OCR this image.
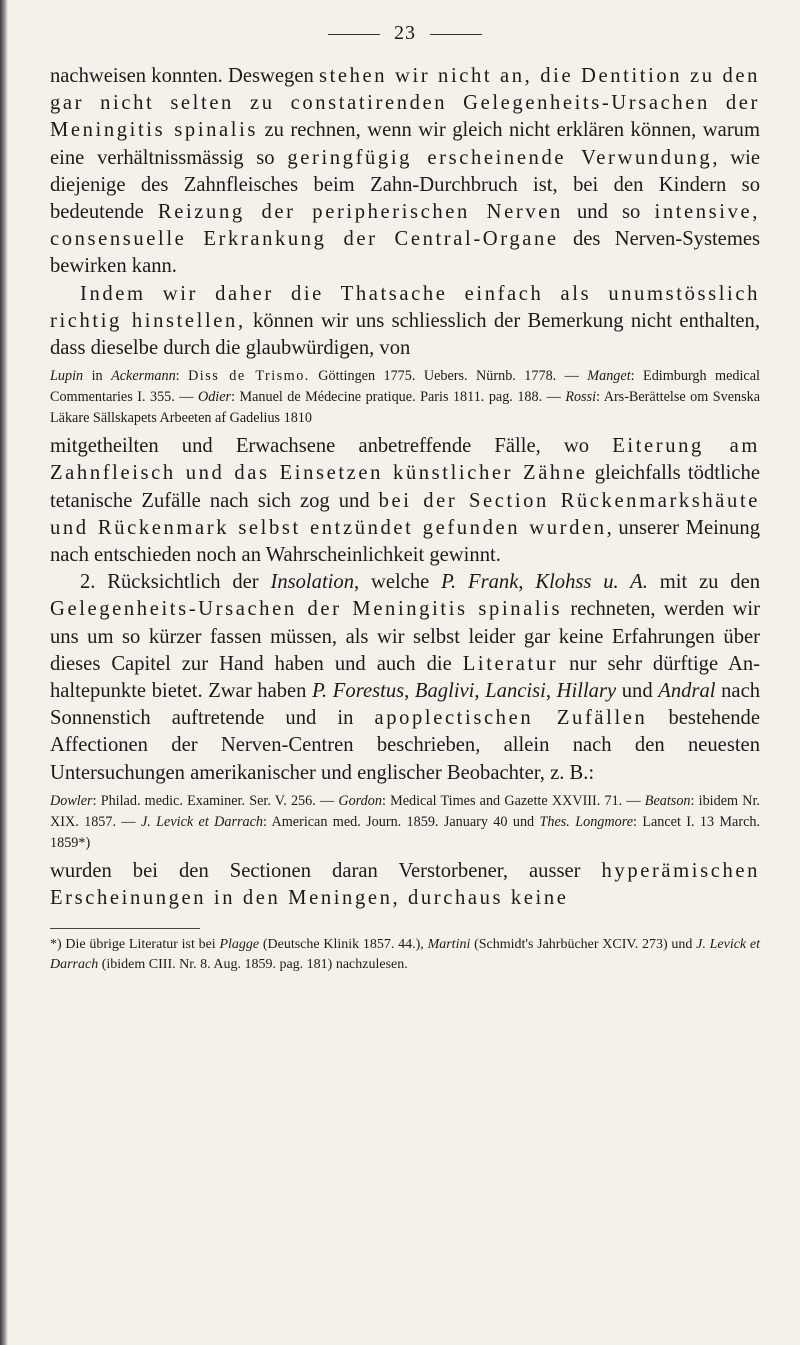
23

nachweisen konnten. Deswegen stehen wir nicht an, die Dentition zu den gar nicht selten zu constatirenden Gelegenheits-Ursachen der Meningitis spinalis zu rechnen, wenn wir gleich nicht erklären können, warum eine verhältnissmässig so geringfügig erscheinende Verwundung, wie diejenige des Zahnfleisches beim Zahn-Durchbruch ist, bei den Kindern so bedeutende Reizung der peripherischen Nerven und so intensive, consensuelle Erkrankung der Central-Organe des Nerven-Systemes bewirken kann.

Indem wir daher die Thatsache einfach als unumstösslich richtig hinstellen, können wir uns schliesslich der Bemerkung nicht enthalten, dass dieselbe durch die glaubwürdigen, von

Lupin in Ackermann: Diss de Trismo. Göttingen 1775. Uebers. Nürnb. 1778. — Manget: Edimburgh medical Commentaries I. 355. — Odier: Manuel de Médecine pratique. Paris 1811. pag. 188. — Rossi: Ars-Berättelse om Svenska Läkare Sällskapets Arbeeten af Gadelius 1810

mitgetheilten und Erwachsene anbetreffende Fälle, wo Eiterung am Zahnfleisch und das Einsetzen künstlicher Zähne gleichfalls tödtliche tetanische Zufälle nach sich zog und bei der Section Rückenmarkshäute und Rückenmark selbst entzündet gefunden wurden, unserer Meinung nach entschieden noch an Wahrscheinlichkeit gewinnt.

2. Rücksichtlich der Insolation, welche P. Frank, Klohss u. A. mit zu den Gelegenheits-Ursachen der Meningitis spinalis rechneten, werden wir uns um so kürzer fassen müssen, als wir selbst leider gar keine Erfahrungen über dieses Capitel zur Hand haben und auch die Literatur nur sehr dürftige Anhaltepunkte bietet. Zwar haben P. Forestus, Baglivi, Lancisi, Hillary und Andral nach Sonnenstich auftretende und in apoplectischen Zufällen bestehende Affectionen der Nerven-Centren beschrieben, allein nach den neuesten Untersuchungen amerikanischer und englischer Beobachter, z. B.:

Dowler: Philad. medic. Examiner. Ser. V. 256. — Gordon: Medical Times and Gazette XXVIII. 71. — Beatson: ibidem Nr. XIX. 1857. — J. Levick et Darrach: American med. Journ. 1859. January 40 und Thes. Longmore: Lancet I. 13 March. 1859*)

wurden bei den Sectionen daran Verstorbener, ausser hyperämischen Erscheinungen in den Meningen, durchaus keine

*) Die übrige Literatur ist bei Plagge (Deutsche Klinik 1857. 44.), Martini (Schmidt's Jahrbücher XCIV. 273) und J. Levick et Darrach (ibidem CIII. Nr. 8. Aug. 1859. pag. 181) nachzulesen.
